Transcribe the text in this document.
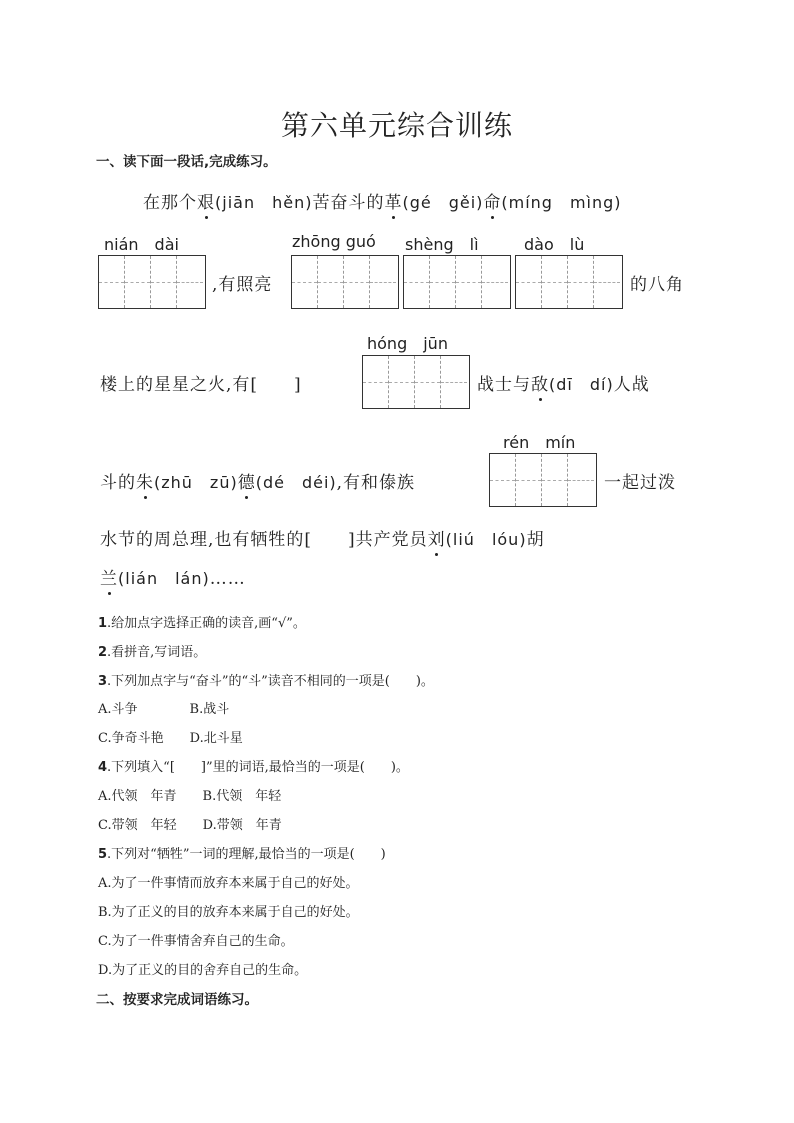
第六单元综合训练
一、读下面一段话,完成练习。
在那个艰(jiān　hěn)苦奋斗的革(gé　gěi)命(míng　mìng)
nián　dài	zhōng guó shèng　lì	dào　lù
,有照亮	的八角
hóng　jūn
楼上的星星之火,有[　　]	战士与敌(dī　dí)人战
rén　mín
斗的朱(zhū　zū)德(dé　déi),有和傣族	一起过泼
水节的周总理,也有牺牲的[　　]共产党员刘(liú　lóu)胡
兰(lián　lán)……
1.给加点字选择正确的读音,画“√”。
2.看拼音,写词语。
3.下列加点字与“奋斗”的“斗”读音不相同的一项是(　　)。
A.斗争　　　　B.战斗
C.争奇斗艳　　D.北斗星
4.下列填入“[　　]”里的词语,最恰当的一项是(　　)。
A.代领　年青　　B.代领　年轻
C.带领　年轻　　D.带领　年青
5.下列对“牺牲”一词的理解,最恰当的一项是(　　)
A.为了一件事情而放弃本来属于自己的好处。
B.为了正义的目的放弃本来属于自己的好处。
C.为了一件事情舍弃自己的生命。
D.为了正义的目的舍弃自己的生命。
二、按要求完成词语练习。
